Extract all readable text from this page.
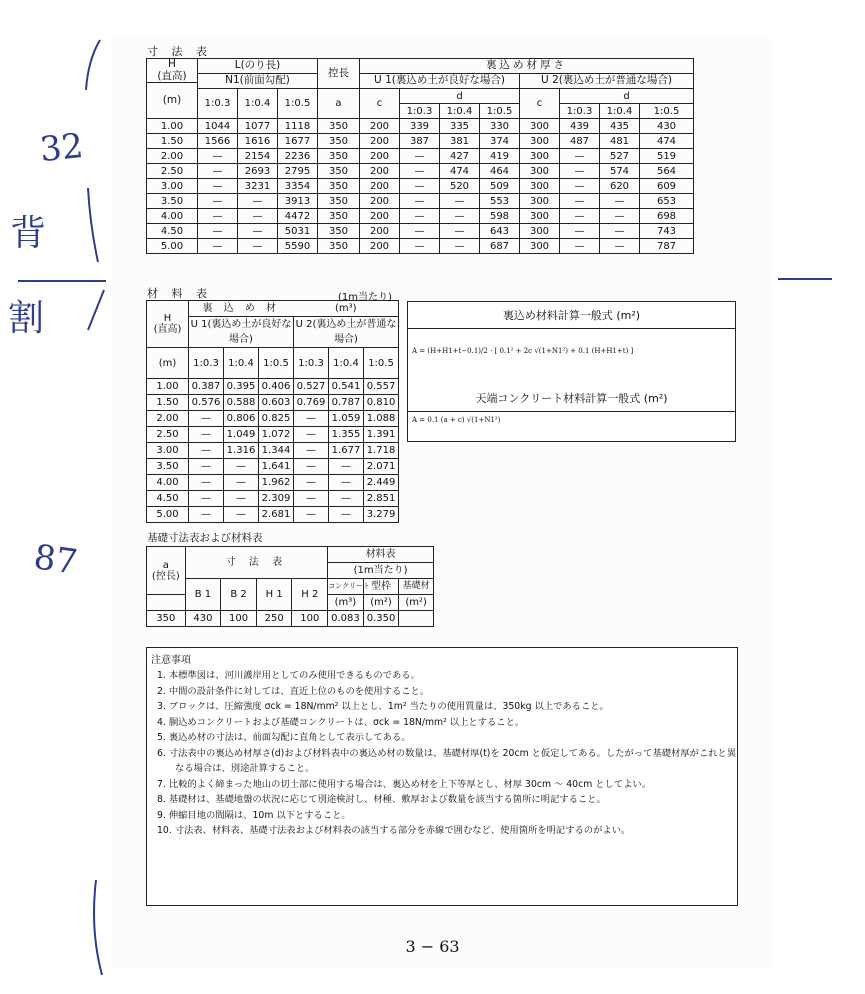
寸 法 表
H
(直高)	L(のり長)			控長	裏込め材厚さ							
	N1(前面勾配)				U 1(裏込め土が良好な場合)				U 2(裏込め土が普通な場合)			
(m)												
	1:0.3	1:0.4	1:0.5	a	c	d			c	d		
						1:0.3	1:0.4	1:0.5		1:0.3	1:0.4	1:0.5
1.00	1044	1077	1118	350	200	339	335	330	300	439	435	430
1.50	1566	1616	1677	350	200	387	381	374	300	487	481	474
2.00	—	2154	2236	350	200	—	427	419	300	—	527	519
2.50	—	2693	2795	350	200	—	474	464	300	—	574	564
3.00	—	3231	3354	350	200	—	520	509	300	—	620	609
3.50	—	—	3913	350	200	—	—	553	300	—	—	653
4.00	—	—	4472	350	200	—	—	598	300	—	—	698
4.50	—	—	5031	350	200	—	—	643	300	—	—	743
5.00	—	—	5590	350	200	—	—	687	300	—	—	787
材 料 表	(1m当たり)
H
(直高)	裏 込 め 材			(m³)		
	U 1(裏込め土が良好な場合)			U 2(裏込め土が普通な場合)		

(m)	1:0.3	1:0.4	1:0.5	1:0.3	1:0.4	1:0.5
1.00	0.387	0.395	0.406	0.527	0.541	0.557
1.50	0.576	0.588	0.603	0.769	0.787	0.810
2.00	—	0.806	0.825	—	1.059	1.088
2.50	—	1.049	1.072	—	1.355	1.391
3.00	—	1.316	1.344	—	1.677	1.718
3.50	—	—	1.641	—	—	2.071
4.00	—	—	1.962	—	—	2.449
4.50	—	—	2.309	—	—	2.851
5.00	—	—	2.681	—	—	3.279
裏込め材料計算一般式 (m²)
A = (H+H1+t−0.1)/2 · [ 0.1² + 2c √(1+N1²) + 0.1 (H+H1+t) ]
天端コンクリート材料計算一般式 (m²)
A = 0.1 (a + c) √(1+N1²)
基礎寸法表および材料表
a
(控長)	寸 法 表				材料表		
					(1m当たり)		
	B 1	B 2	H 1	H 2	コンクリート	型枠	基礎材
					(m³)	(m²)	(m²)
350	430	100	250	100	0.083	0.350	
注意事項
1. 本標準図は、河川護岸用としてのみ使用できるものである。
2. 中間の設計条件に対しては、直近上位のものを使用すること。
3. ブロックは、圧縮強度 σck = 18N/mm² 以上とし、1m² 当たりの使用質量は、350kg 以上であること。
4. 胴込めコンクリートおよび基礎コンクリートは、σck = 18N/mm² 以上とすること。
5. 裏込め材の寸法は、前面勾配に直角として表示してある。
6. 寸法表中の裏込め材厚さ(d)および材料表中の裏込め材の数量は、基礎材厚(t)を 20cm と仮定してある。したがって基礎材厚がこれと異なる場合は、別途計算すること。
7. 比較的よく締まった地山の切土部に使用する場合は、裏込め材を上下等厚とし、材厚 30cm ～ 40cm としてよい。
8. 基礎材は、基礎地盤の状況に応じて別途検討し、材種、敷厚および数量を該当する箇所に明記すること。
9. 伸縮目地の間隔は、10m 以下とすること。
10. 寸法表、材料表、基礎寸法表および材料表の該当する部分を赤線で囲むなど、使用箇所を明記するのがよい。
3 − 63
32
背
割
87
